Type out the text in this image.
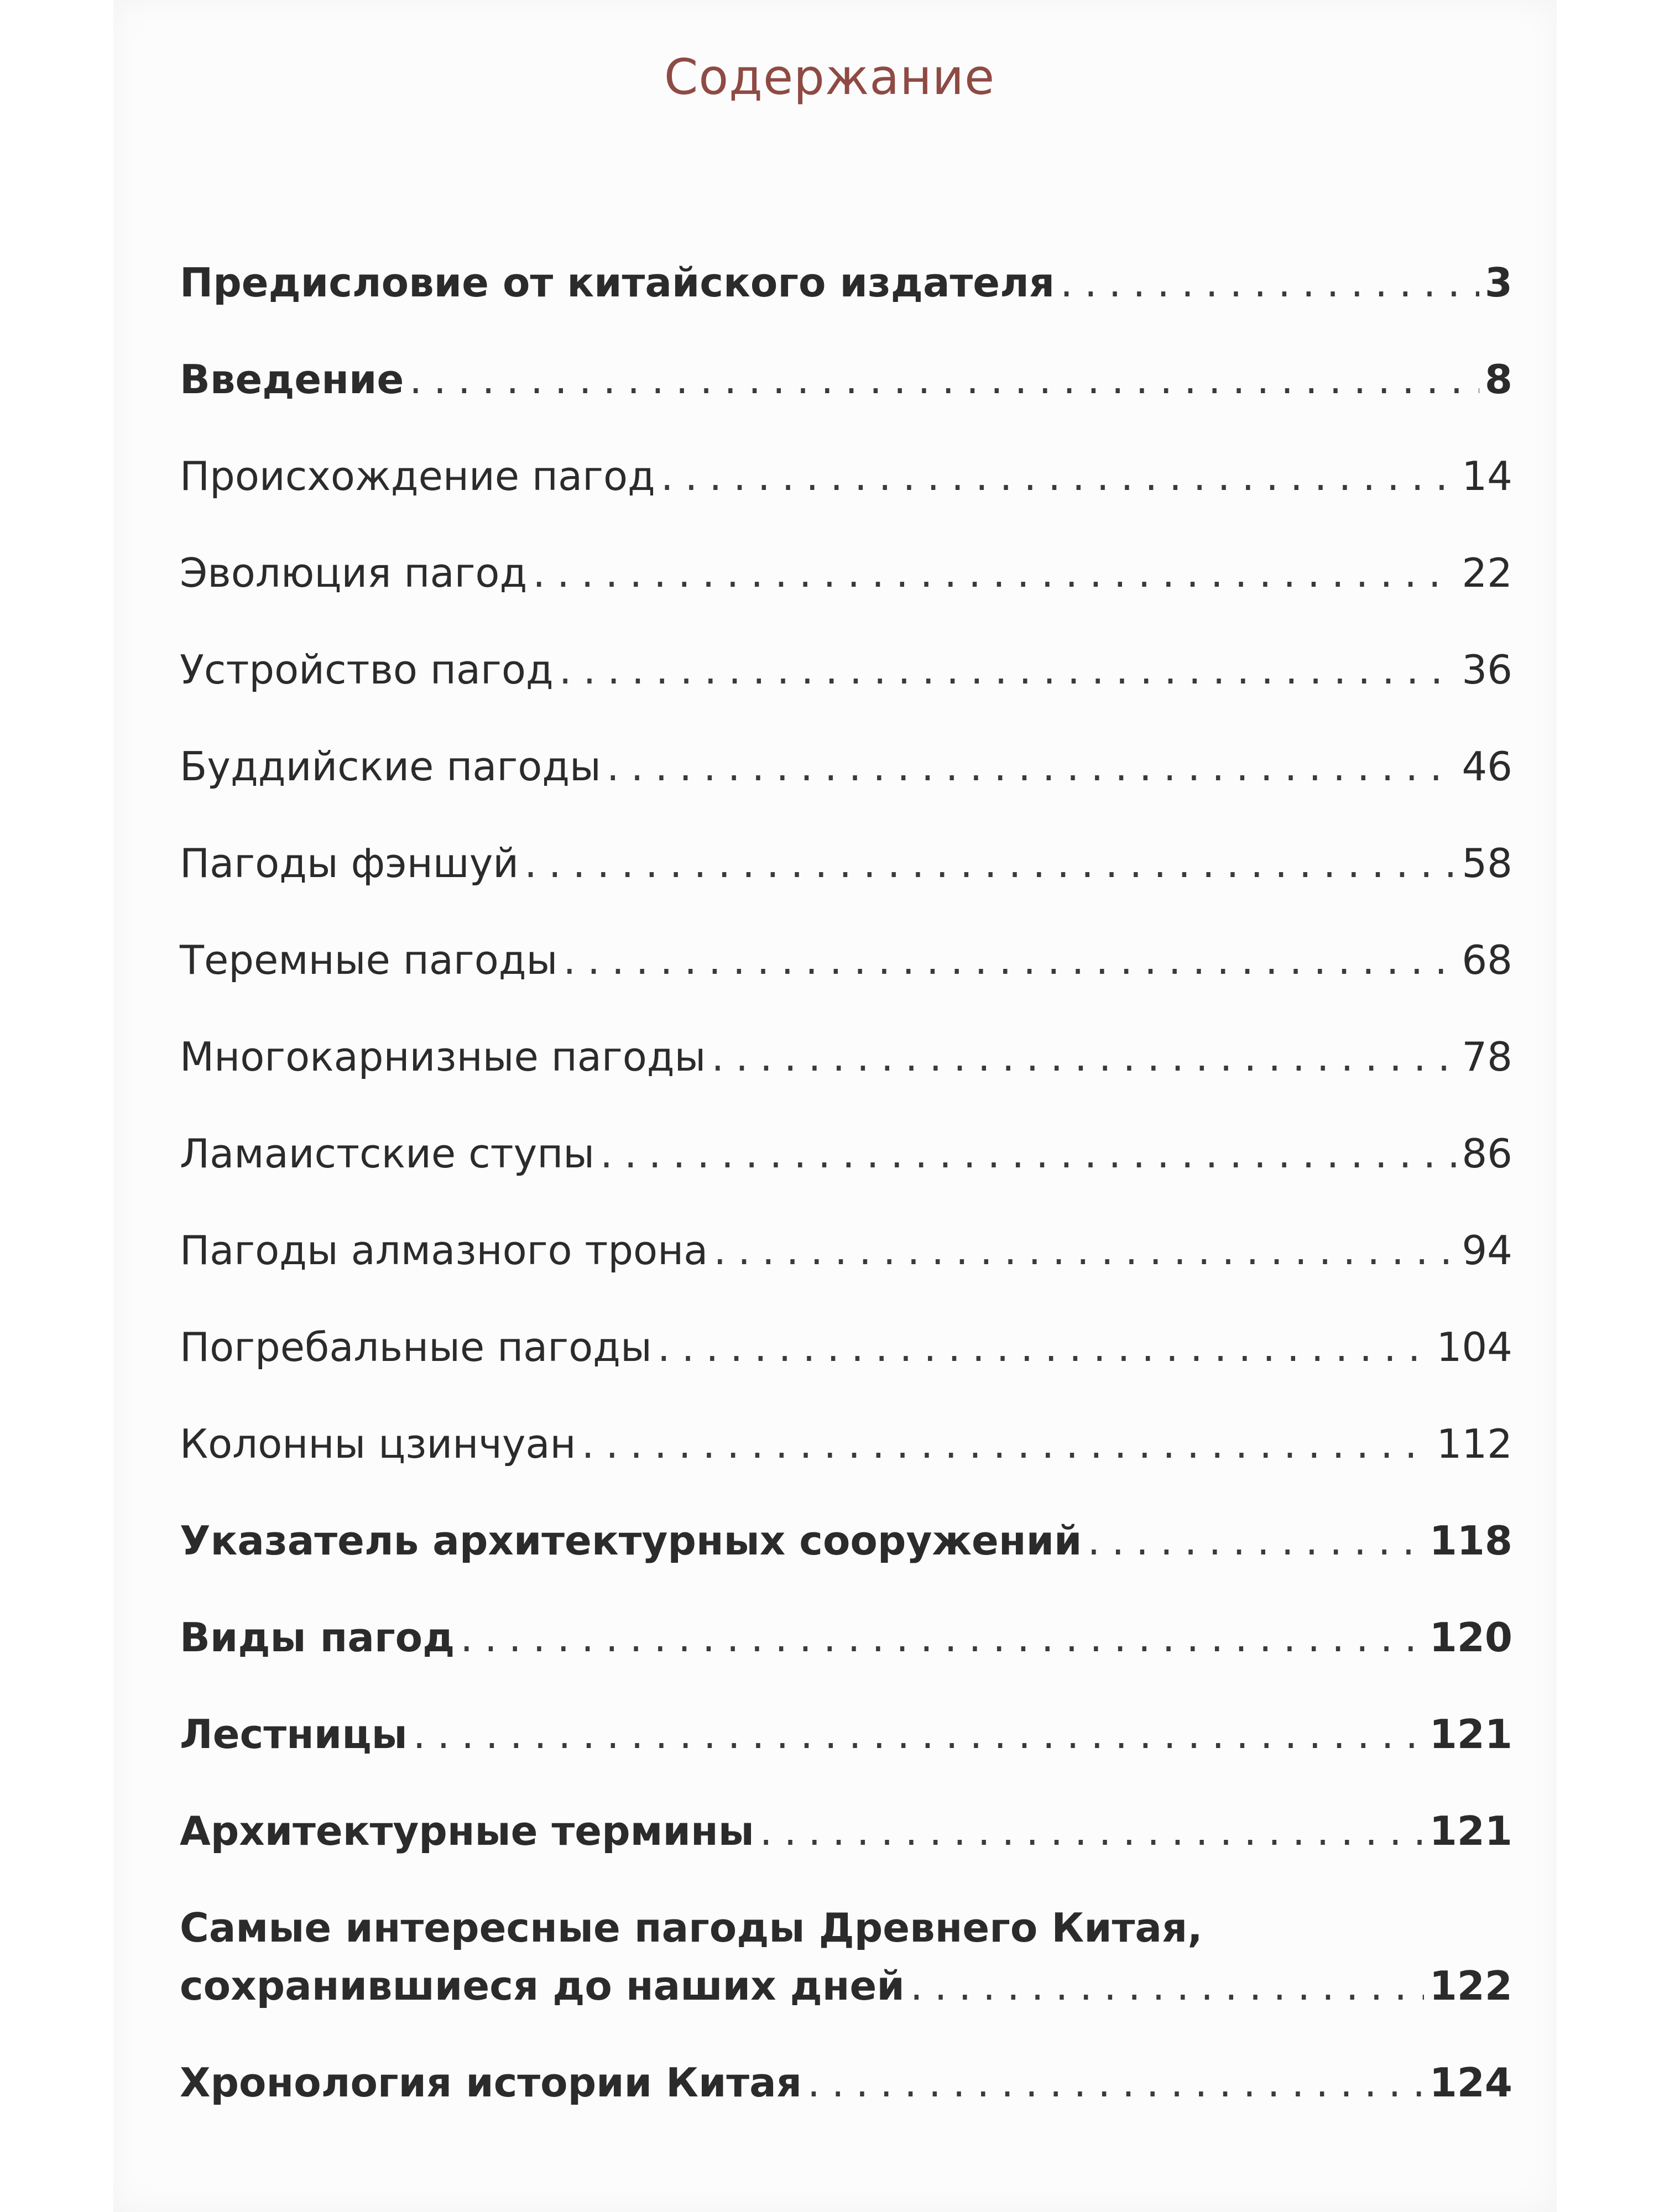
Содержание
Предисловие от китайского издателя . . .	3
Введение . . .	8
Происхождение пагод . . .	14
Эволюция пагод . . .	22
Устройство пагод . . .	36
Буддийские пагоды . . .	46
Пагоды фэншуй . . .	58
Теремные пагоды . . .	68
Многокарнизные пагоды . . .	78
Ламаистские ступы . . .	86
Пагоды алмазного трона . . .	94
Погребальные пагоды . . .	104
Колонны цзинчуан . . .	112
Указатель архитектурных сооружений . . .	118
Виды пагод . . .	120
Лестницы . . .	121
Архитектурные термины . . .	121
Самые интересные пагоды Древнего Китая,
сохранившиеся до наших дней . . .	122
Хронология истории Китая . . .	124
